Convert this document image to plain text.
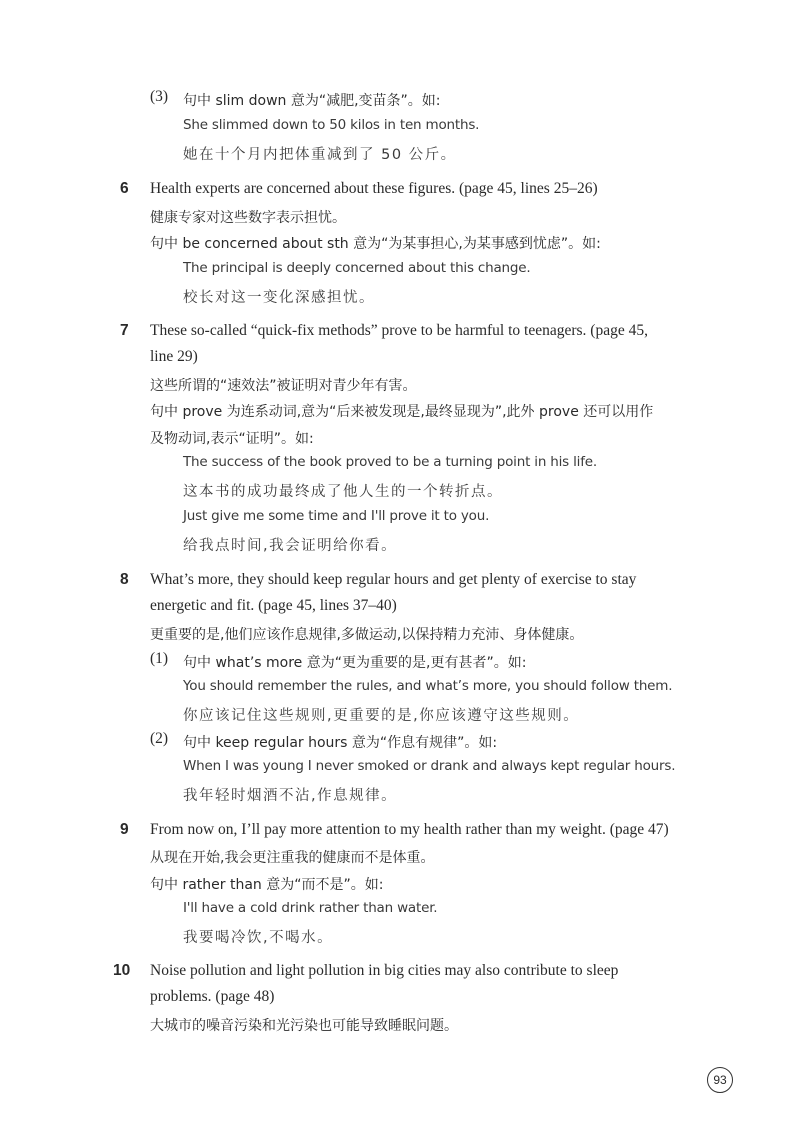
(3) 句中 slim down 意为“减肥,变苗条”。如:
She slimmed down to 50 kilos in ten months.
她在十个月内把体重减到了 50 公斤。
6 Health experts are concerned about these figures. (page 45, lines 25–26)
健康专家对这些数字表示担忧。
句中 be concerned about sth 意为“为某事担心,为某事感到忧虑”。如:
The principal is deeply concerned about this change.
校长对这一变化深感担忧。
7 These so-called “quick-fix methods” prove to be harmful to teenagers. (page 45,
line 29)
这些所谓的“速效法”被证明对青少年有害。
句中 prove 为连系动词,意为“后来被发现是,最终显现为”,此外 prove 还可以用作
及物动词,表示“证明”。如:
The success of the book proved to be a turning point in his life.
这本书的成功最终成了他人生的一个转折点。
Just give me some time and I'll prove it to you.
给我点时间,我会证明给你看。
8 What’s more, they should keep regular hours and get plenty of exercise to stay
energetic and fit. (page 45, lines 37–40)
更重要的是,他们应该作息规律,多做运动,以保持精力充沛、身体健康。
(1) 句中 what’s more 意为“更为重要的是,更有甚者”。如:
You should remember the rules, and what’s more, you should follow them.
你应该记住这些规则,更重要的是,你应该遵守这些规则。
(2) 句中 keep regular hours 意为“作息有规律”。如:
When I was young I never smoked or drank and always kept regular hours.
我年轻时烟酒不沾,作息规律。
9 From now on, I’ll pay more attention to my health rather than my weight. (page 47)
从现在开始,我会更注重我的健康而不是体重。
句中 rather than 意为“而不是”。如:
I'll have a cold drink rather than water.
我要喝冷饮,不喝水。
10 Noise pollution and light pollution in big cities may also contribute to sleep
problems. (page 48)
大城市的噪音污染和光污染也可能导致睡眠问题。
93
